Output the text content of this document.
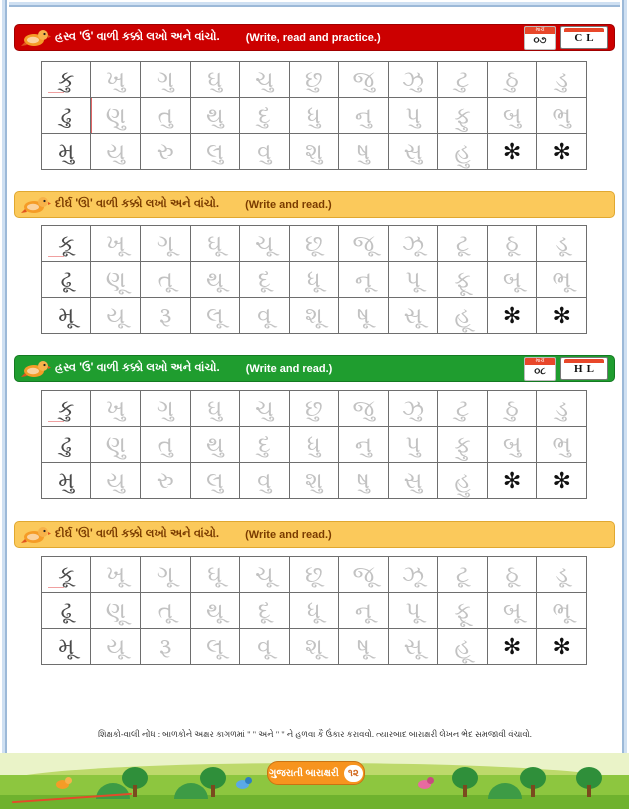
હ્રસ્વ 'ઉ' વાળી કક્કો લખો અને વાંચો. (Write, read and practice.)
માર્ચ
૦૭	C L
કુ	ખુ	ગુ	ઘુ	ચુ	છુ	જુ	ઝુ	ટુ	ઠુ	ડુ

ઢુ	ણુ	તુ	થુ	દુ	ધુ	નુ	પુ	ફુ	બુ	ભુ

મુ	યુ	રુ	લુ	વુ	શુ	ષુ	સુ	હુ	✻	✻
દીર્ઘ 'ઊ' વાળી કક્કો લખો અને વાંચો. (Write and read.)
કૂ	ખૂ	ગૂ	ઘૂ	ચૂ	છૂ	જૂ	ઝૂ	ટૂ	ઠૂ	ડૂ

ઢૂ	ણૂ	તૂ	થૂ	દૂ	ધૂ	નૂ	પૂ	ફૂ	બૂ	ભૂ

મૂ	યૂ	રૂ	લૂ	વૂ	શૂ	ષૂ	સૂ	હૂ	✻	✻
હ્રસ્વ 'ઉ' વાળી કક્કો લખો અને વાંચો. (Write and read.)
માર્ચ
૦૮	H L
કુ	ખુ	ગુ	ઘુ	ચુ	છુ	જુ	ઝુ	ટુ	ઠુ	ડુ

ઢુ	ણુ	તુ	થુ	દુ	ધુ	નુ	પુ	ફુ	બુ	ભુ

મુ	યુ	રુ	લુ	વુ	શુ	ષુ	સુ	હુ	✻	✻
દીર્ઘ 'ઊ' વાળી કક્કો લખો અને વાંચો. (Write and read.)
કૂ	ખૂ	ગૂ	ઘૂ	ચૂ	છૂ	જૂ	ઝૂ	ટૂ	ઠૂ	ડૂ

ઢૂ	ણૂ	તૂ	થૂ	દૂ	ધૂ	નૂ	પૂ	ફૂ	બૂ	ભૂ

મૂ	યૂ	રૂ	લૂ	વૂ	શૂ	ષૂ	સૂ	હૂ	✻	✻
શિક્ષકો-વાલી નોંધ : બાળકોને અક્ષર કાગળમાં " " અને " " ને હળવા કૈ ઉંકાર કરાવવો. ત્યારબાદ બારાક્ષરી લેખન ભેદ સમજાવી વંચાવો.
ગુજરાતી બારાક્ષરી ૧૨
